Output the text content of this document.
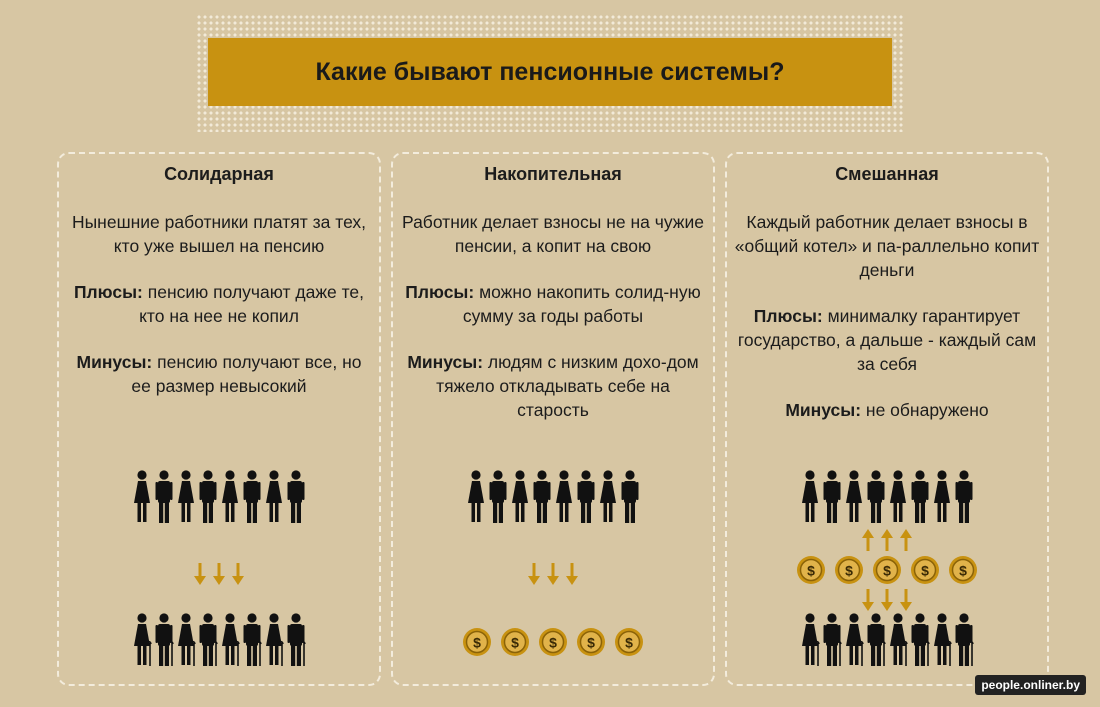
Какие бывают пенсионные системы?
Солидарная

Нынешние работники платят за тех, кто уже вышел на пенсию

Плюсы: пенсию получают даже те, кто на нее не копил

Минусы: пенсию получают все, но ее размер невысокий

Накопительная

Работник делает взносы не на чужие пенсии, а копит на свою

Плюсы: можно накопить солид-ную сумму за годы работы

Минусы: людям с низким дохо-дом тяжело откладывать себе на старость

$ $ $ $ $
Смешанная

Каждый работник делает взносы в «общий котел» и па-раллельно копит деньги

Плюсы: минималку гарантирует государство, а дальше - каждый сам за себя

Минусы: не обнаружено

$ $ $ $ $
people.onliner.by
